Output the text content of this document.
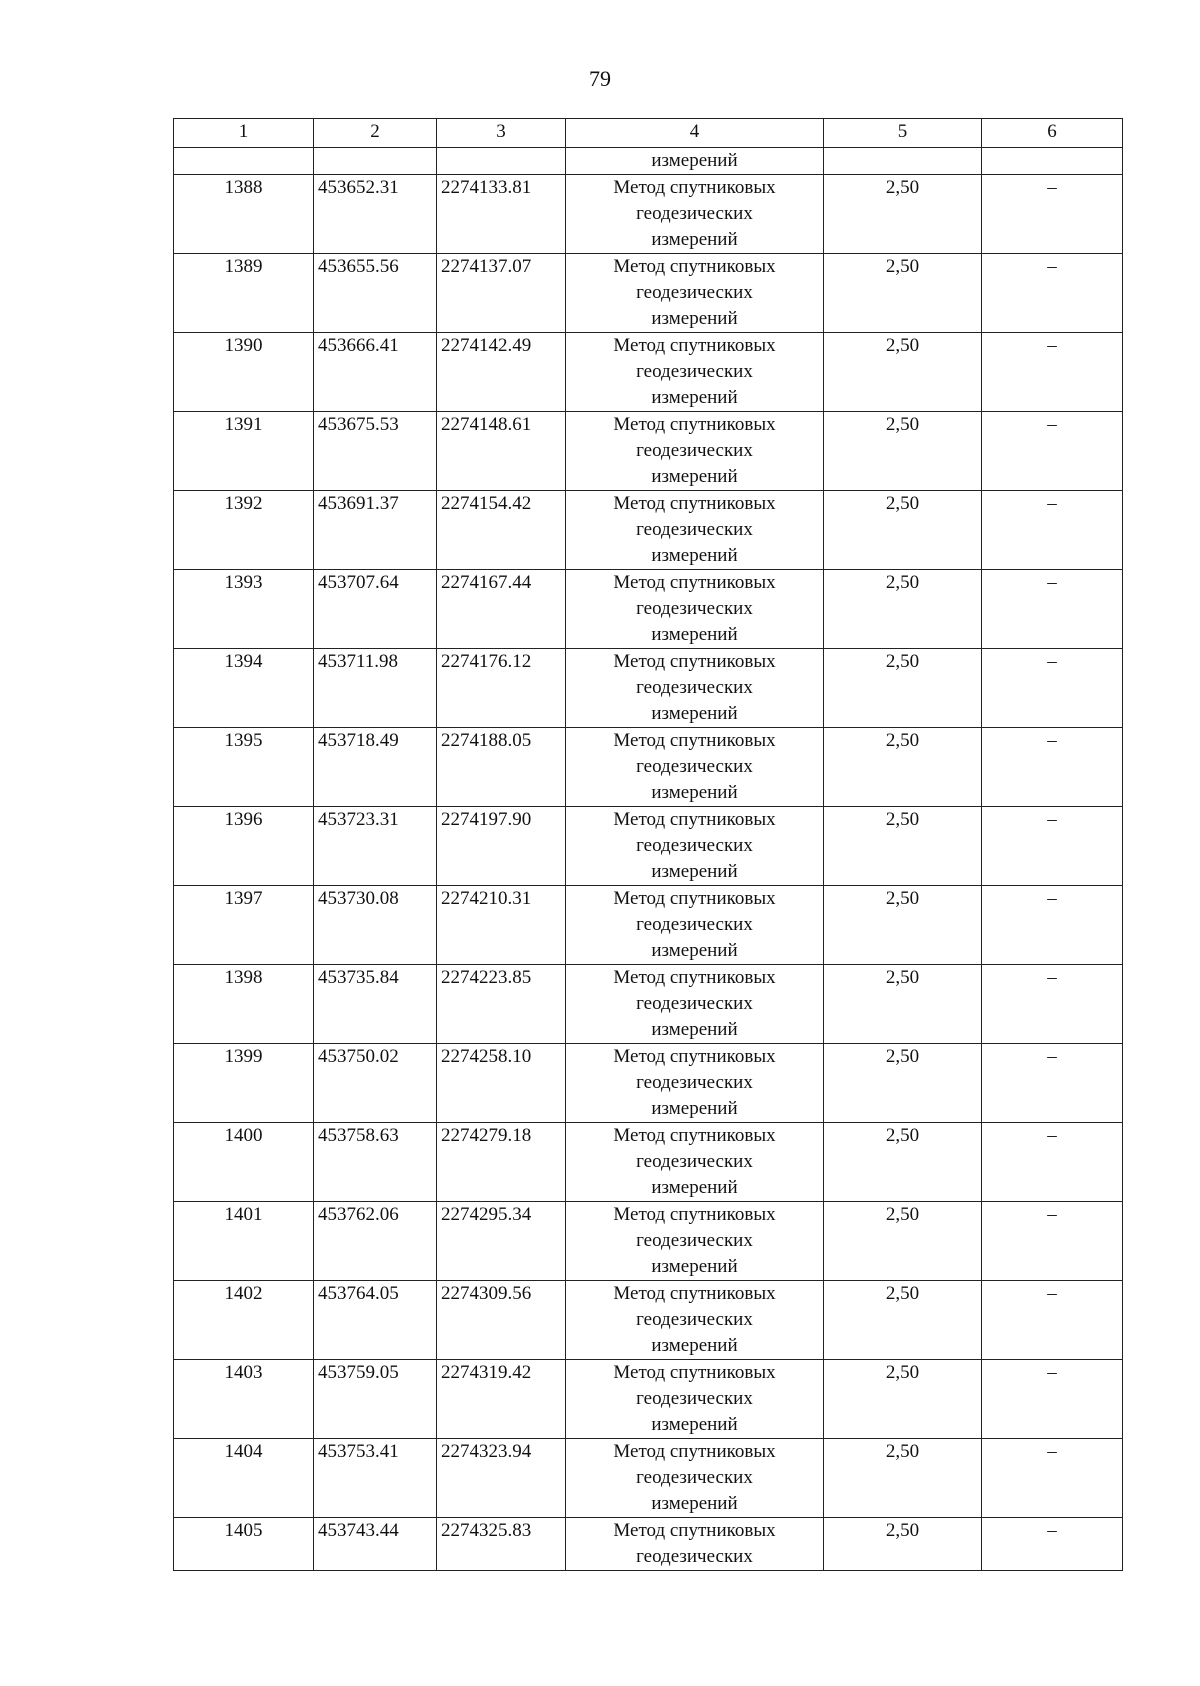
79
1	2	3	4	5	6
			измерений		
1388	453652.31	2274133.81	Метод спутниковых
геодезических
измерений	2,50	–
1389	453655.56	2274137.07	Метод спутниковых
геодезических
измерений	2,50	–
1390	453666.41	2274142.49	Метод спутниковых
геодезических
измерений	2,50	–
1391	453675.53	2274148.61	Метод спутниковых
геодезических
измерений	2,50	–
1392	453691.37	2274154.42	Метод спутниковых
геодезических
измерений	2,50	–
1393	453707.64	2274167.44	Метод спутниковых
геодезических
измерений	2,50	–
1394	453711.98	2274176.12	Метод спутниковых
геодезических
измерений	2,50	–
1395	453718.49	2274188.05	Метод спутниковых
геодезических
измерений	2,50	–
1396	453723.31	2274197.90	Метод спутниковых
геодезических
измерений	2,50	–
1397	453730.08	2274210.31	Метод спутниковых
геодезических
измерений	2,50	–
1398	453735.84	2274223.85	Метод спутниковых
геодезических
измерений	2,50	–
1399	453750.02	2274258.10	Метод спутниковых
геодезических
измерений	2,50	–
1400	453758.63	2274279.18	Метод спутниковых
геодезических
измерений	2,50	–
1401	453762.06	2274295.34	Метод спутниковых
геодезических
измерений	2,50	–
1402	453764.05	2274309.56	Метод спутниковых
геодезических
измерений	2,50	–
1403	453759.05	2274319.42	Метод спутниковых
геодезических
измерений	2,50	–
1404	453753.41	2274323.94	Метод спутниковых
геодезических
измерений	2,50	–
1405	453743.44	2274325.83	Метод спутниковых
геодезических	2,50	–
